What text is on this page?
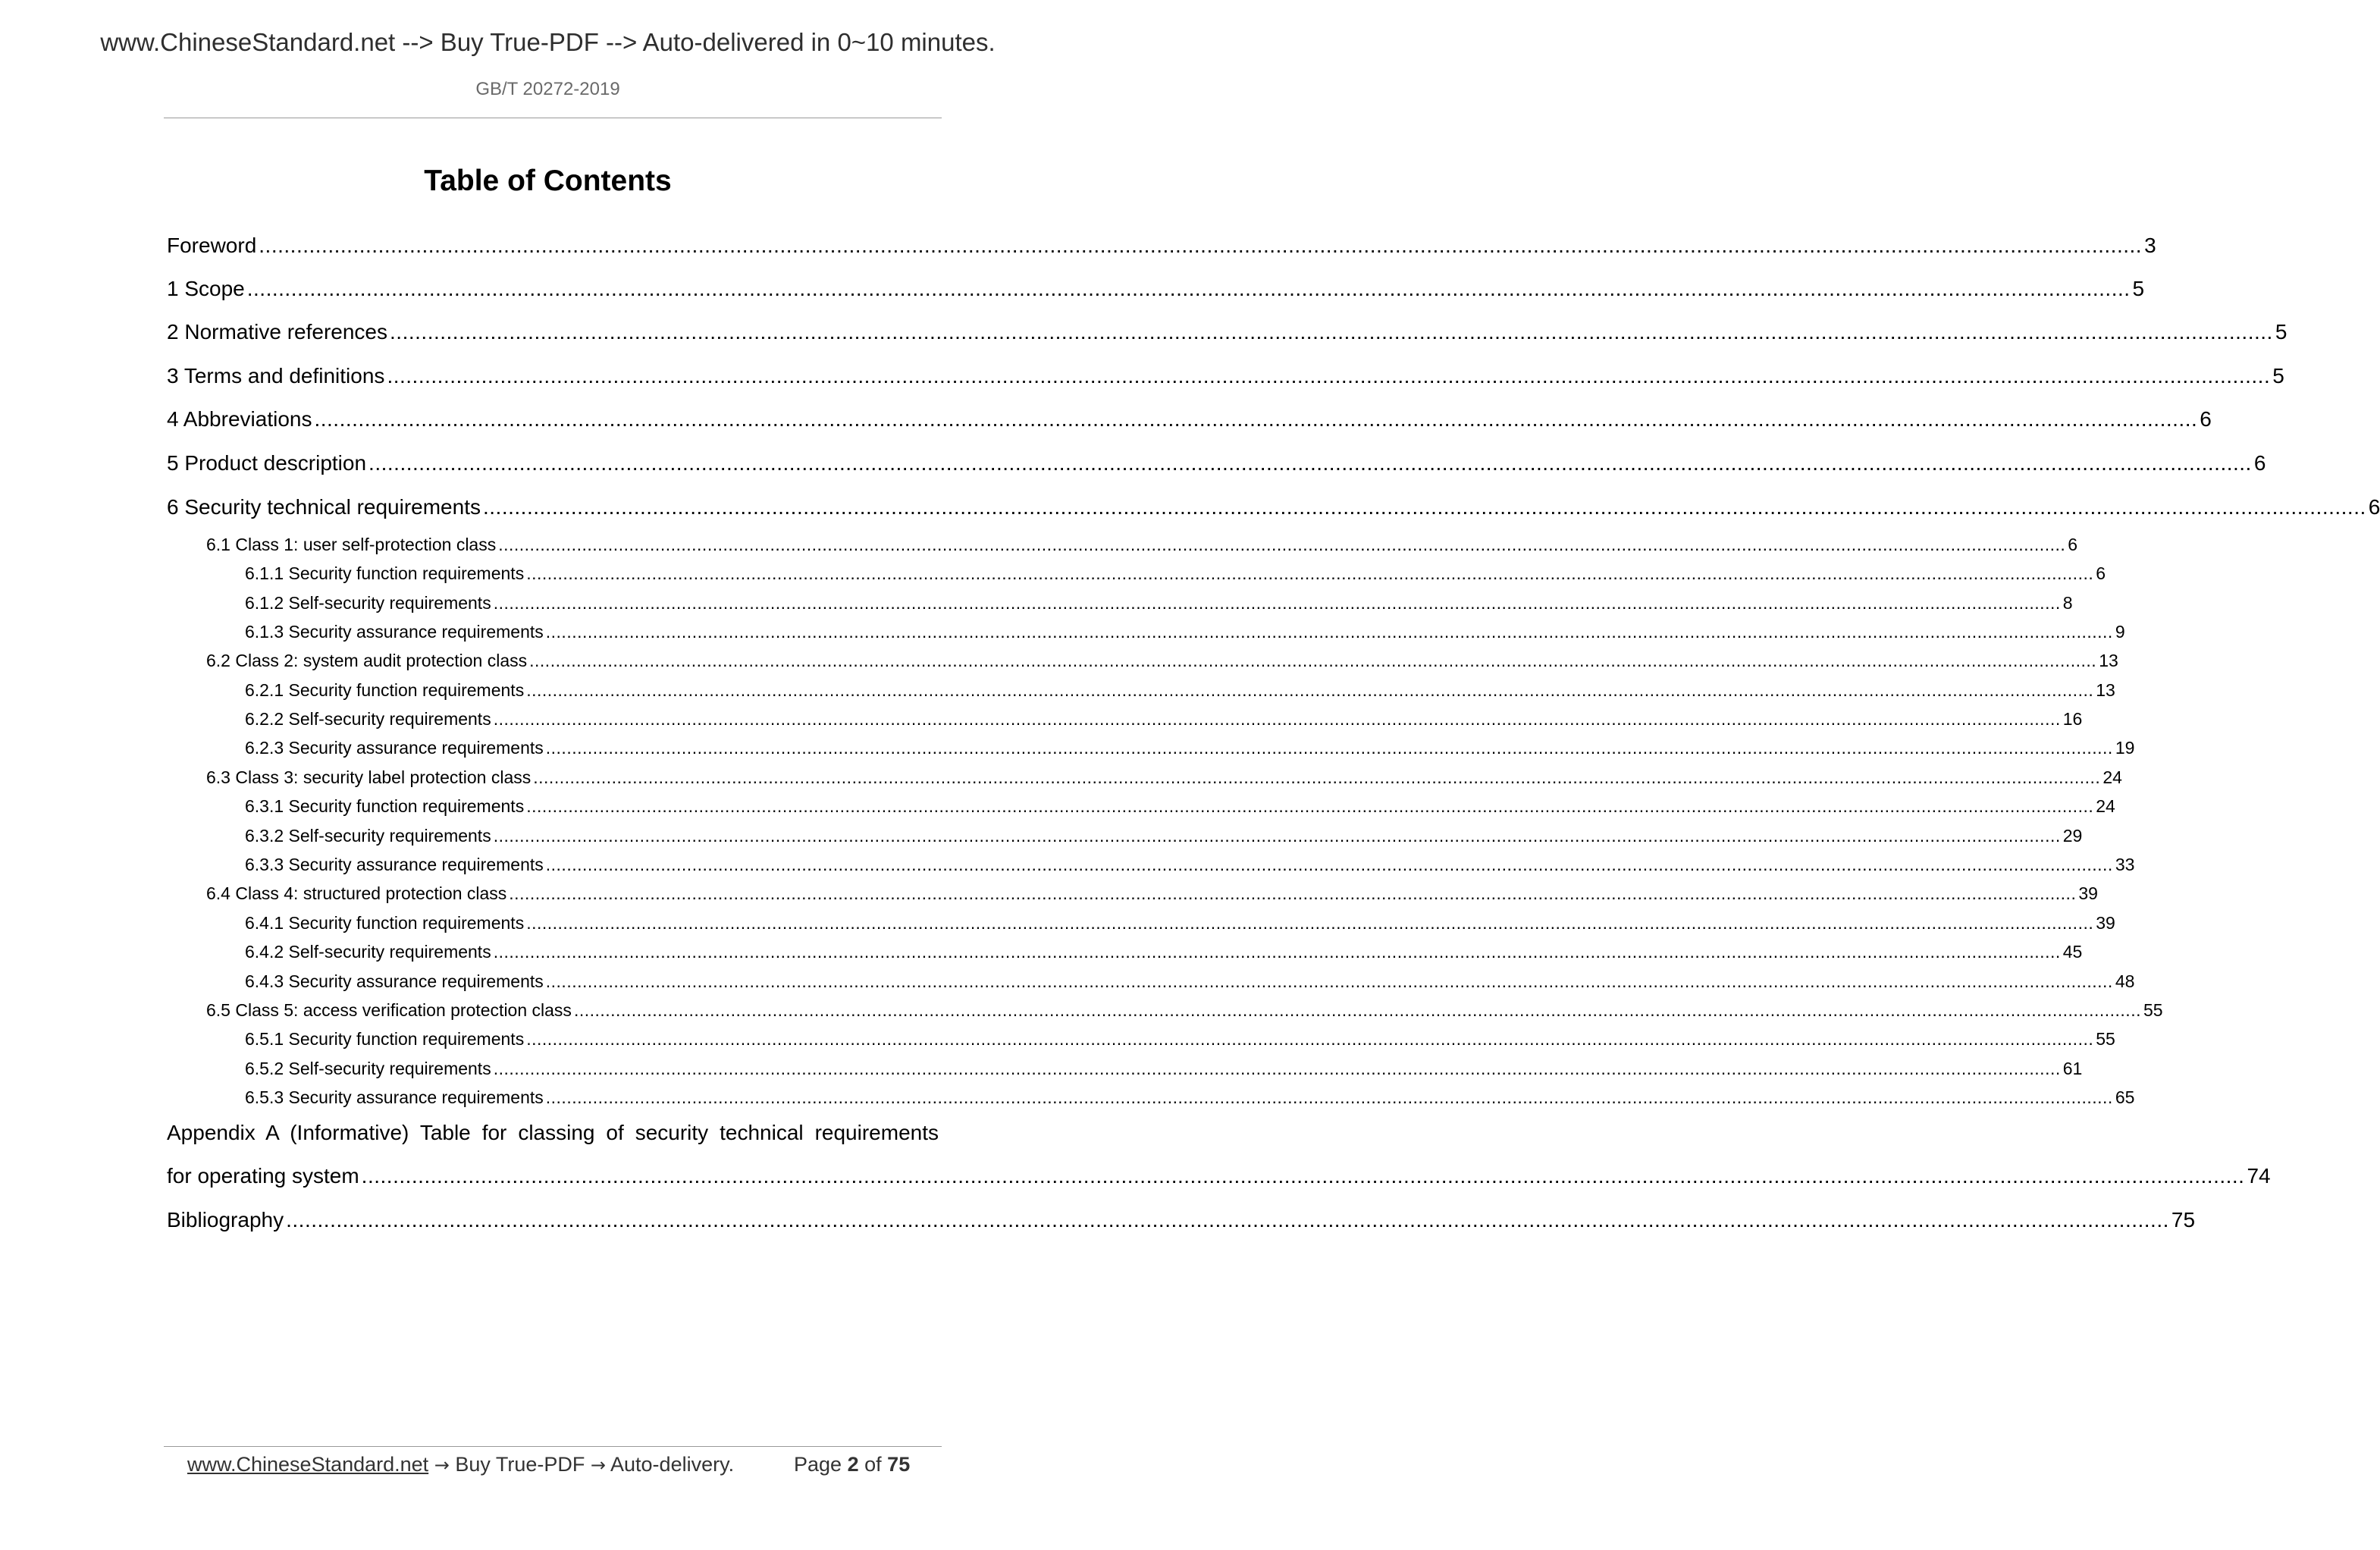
www.ChineseStandard.net --> Buy True-PDF --> Auto-delivered in 0~10 minutes.
GB/T 20272-2019
Table of Contents
Foreword ............................................................................................................................................................................................................................................................................................................ 3
1 Scope ............................................................................................................................................................................................................................................................................................................ 5
2 Normative references ............................................................................................................................................................................................................................................................................................................ 5
3 Terms and definitions ............................................................................................................................................................................................................................................................................................................ 5
4 Abbreviations ............................................................................................................................................................................................................................................................................................................ 6
5 Product description ............................................................................................................................................................................................................................................................................................................ 6
6 Security technical requirements ............................................................................................................................................................................................................................................................................................................ 6
6.1 Class 1: user self-protection class ............................................................................................................................................................................................................................................................................................................ 6
6.1.1 Security function requirements ............................................................................................................................................................................................................................................................................................................ 6
6.1.2 Self-security requirements ............................................................................................................................................................................................................................................................................................................ 8
6.1.3 Security assurance requirements ............................................................................................................................................................................................................................................................................................................ 9
6.2 Class 2: system audit protection class ............................................................................................................................................................................................................................................................................................................ 13
6.2.1 Security function requirements ............................................................................................................................................................................................................................................................................................................ 13
6.2.2 Self-security requirements ............................................................................................................................................................................................................................................................................................................ 16
6.2.3 Security assurance requirements ............................................................................................................................................................................................................................................................................................................ 19
6.3 Class 3: security label protection class ............................................................................................................................................................................................................................................................................................................ 24
6.3.1 Security function requirements ............................................................................................................................................................................................................................................................................................................ 24
6.3.2 Self-security requirements ............................................................................................................................................................................................................................................................................................................ 29
6.3.3 Security assurance requirements ............................................................................................................................................................................................................................................................................................................ 33
6.4 Class 4: structured protection class ............................................................................................................................................................................................................................................................................................................ 39
6.4.1 Security function requirements ............................................................................................................................................................................................................................................................................................................ 39
6.4.2 Self-security requirements ............................................................................................................................................................................................................................................................................................................ 45
6.4.3 Security assurance requirements ............................................................................................................................................................................................................................................................................................................ 48
6.5 Class 5: access verification protection class ............................................................................................................................................................................................................................................................................................................ 55
6.5.1 Security function requirements ............................................................................................................................................................................................................................................................................................................ 55
6.5.2 Self-security requirements ............................................................................................................................................................................................................................................................................................................ 61
6.5.3 Security assurance requirements ............................................................................................................................................................................................................................................................................................................ 65
Appendix A (Informative) Table for classing of security technical requirements
for operating system ............................................................................................................................................................................................................................................................................................................ 74
Bibliography ............................................................................................................................................................................................................................................................................................................ 75
www.ChineseStandard.net → Buy True-PDF → Auto-delivery.	Page 2 of 75
